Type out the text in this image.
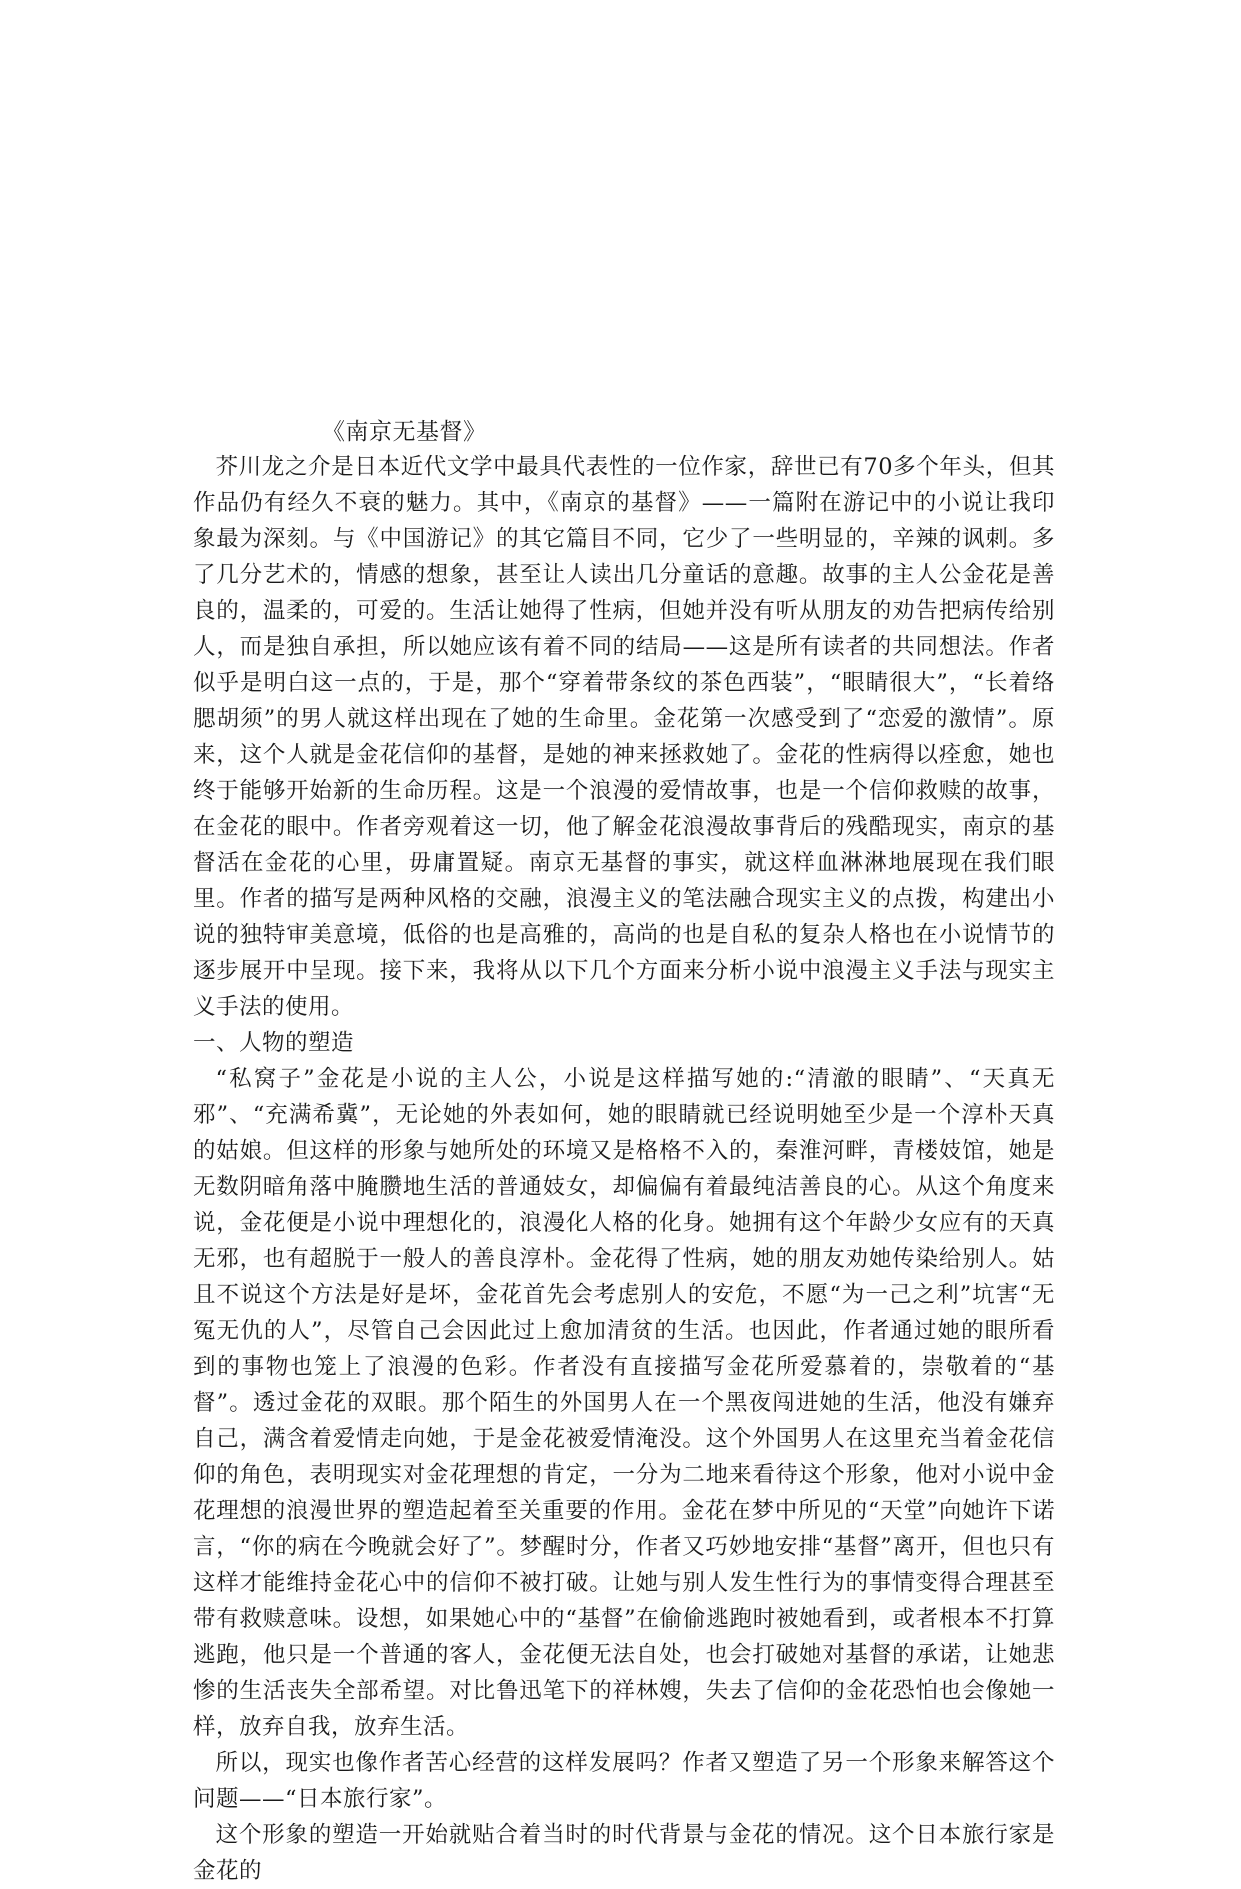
《南京无基督》

芥川龙之介是日本近代文学中最具代表性的一位作家，辞世已有70多个年头，但其作品仍有经久不衰的魅力。其中，《南京的基督》——一篇附在游记中的小说让我印象最为深刻。与《中国游记》的其它篇目不同，它少了一些明显的，辛辣的讽刺。多了几分艺术的，情感的想象，甚至让人读出几分童话的意趣。故事的主人公金花是善良的，温柔的，可爱的。生活让她得了性病，但她并没有听从朋友的劝告把病传给别人，而是独自承担，所以她应该有着不同的结局——这是所有读者的共同想法。作者似乎是明白这一点的，于是，那个“穿着带条纹的茶色西装”，“眼睛很大”，“长着络腮胡须”的男人就这样出现在了她的生命里。金花第一次感受到了“恋爱的激情”。原来，这个人就是金花信仰的基督，是她的神来拯救她了。金花的性病得以痊愈，她也终于能够开始新的生命历程。这是一个浪漫的爱情故事，也是一个信仰救赎的故事，在金花的眼中。作者旁观着这一切，他了解金花浪漫故事背后的残酷现实，南京的基督活在金花的心里，毋庸置疑。南京无基督的事实，就这样血淋淋地展现在我们眼里。作者的描写是两种风格的交融，浪漫主义的笔法融合现实主义的点拨，构建出小说的独特审美意境，低俗的也是高雅的，高尚的也是自私的复杂人格也在小说情节的逐步展开中呈现。接下来，我将从以下几个方面来分析小说中浪漫主义手法与现实主义手法的使用。

一、人物的塑造

“私窝子”金花是小说的主人公，小说是这样描写她的:“清澈的眼睛”、“天真无邪”、“充满希冀”，无论她的外表如何，她的眼睛就已经说明她至少是一个淳朴天真的姑娘。但这样的形象与她所处的环境又是格格不入的，秦淮河畔，青楼妓馆，她是无数阴暗角落中腌臜地生活的普通妓女，却偏偏有着最纯洁善良的心。从这个角度来说，金花便是小说中理想化的，浪漫化人格的化身。她拥有这个年龄少女应有的天真无邪，也有超脱于一般人的善良淳朴。金花得了性病，她的朋友劝她传染给别人。姑且不说这个方法是好是坏，金花首先会考虑别人的安危，不愿“为一己之利”坑害“无冤无仇的人”，尽管自己会因此过上愈加清贫的生活。也因此，作者通过她的眼所看到的事物也笼上了浪漫的色彩。作者没有直接描写金花所爱慕着的，崇敬着的“基督”。透过金花的双眼。那个陌生的外国男人在一个黑夜闯进她的生活，他没有嫌弃自己，满含着爱情走向她，于是金花被爱情淹没。这个外国男人在这里充当着金花信仰的角色，表明现实对金花理想的肯定，一分为二地来看待这个形象，他对小说中金花理想的浪漫世界的塑造起着至关重要的作用。金花在梦中所见的“天堂”向她许下诺言，“你的病在今晚就会好了”。梦醒时分，作者又巧妙地安排“基督”离开，但也只有这样才能维持金花心中的信仰不被打破。让她与别人发生性行为的事情变得合理甚至带有救赎意味。设想，如果她心中的“基督”在偷偷逃跑时被她看到，或者根本不打算逃跑，他只是一个普通的客人，金花便无法自处，也会打破她对基督的承诺，让她悲惨的生活丧失全部希望。对比鲁迅笔下的祥林嫂，失去了信仰的金花恐怕也会像她一样，放弃自我，放弃生活。

所以，现实也像作者苦心经营的这样发展吗？作者又塑造了另一个形象来解答这个问题——“日本旅行家”。

这个形象的塑造一开始就贴合着当时的时代背景与金花的情况。这个日本旅行家是金花的
